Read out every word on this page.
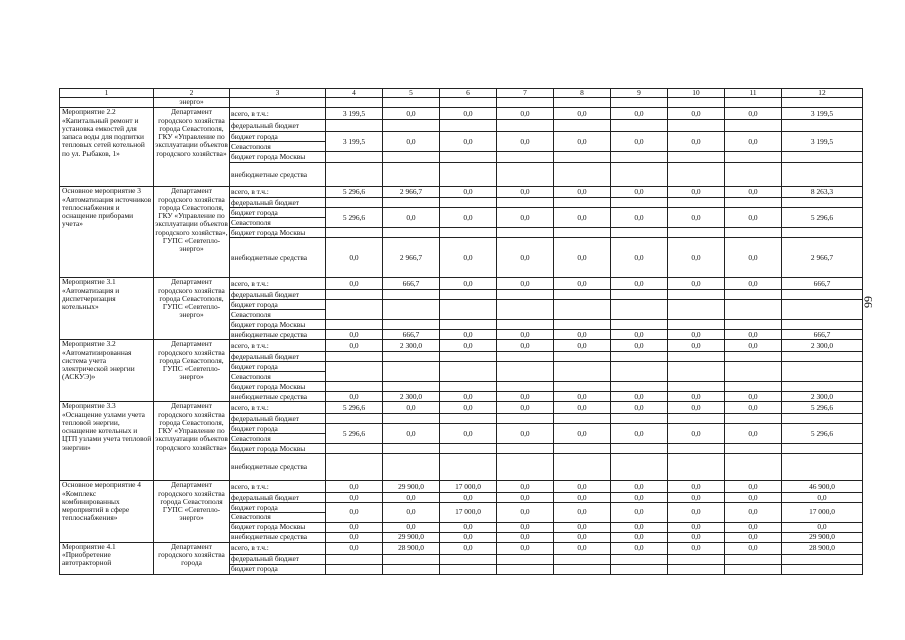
1	2	3	4	5	6	7	8	9	10	11	12
	энерго»										
Мероприятие 2.2 «Капитальный ремонт и установка емкостей для запаса воды для подпитки тепловых сетей котельной по ул. Рыбаков, 1»	Департамент городского хозяйства города Севастополя, ГКУ «Управление по эксплуатации объектов городского хозяйства»	всего, в т.ч.:	3 199,5	0,0	0,0	0,0	0,0	0,0	0,0	0,0	3 199,5
		федеральный бюджет									
		бюджет города	3 199,5	0,0	0,0	0,0	0,0	0,0	0,0	0,0	3 199,5
		Севастополя									
		бюджет города Москвы									
		внебюджетные средства									
Основное мероприятие 3 «Автоматизация источников теплоснабжения и оснащение приборами учета»	Департамент городского хозяйства города Севастополя, ГКУ «Управление по эксплуатации объектов городского хозяйства», ГУПС «Севтепло-энерго»	всего, в т.ч.:	5 296,6	2 966,7	0,0	0,0	0,0	0,0	0,0	0,0	8 263,3
		федеральный бюджет									
		бюджет города	5 296,6	0,0	0,0	0,0	0,0	0,0	0,0	0,0	5 296,6
		Севастополя									
		бюджет города Москвы									
		внебюджетные средства	0,0	2 966,7	0,0	0,0	0,0	0,0	0,0	0,0	2 966,7
Мероприятие 3.1 «Автоматизация и диспетчеризация котельных»	Департамент городского хозяйства города Севастополя, ГУПС «Севтепло-энерго»	всего, в т.ч.:	0,0	666,7	0,0	0,0	0,0	0,0	0,0	0,0	666,7
		федеральный бюджет									
		бюджет города									
		Севастополя									
		бюджет города Москвы									
		внебюджетные средства	0,0	666,7	0,0	0,0	0,0	0,0	0,0	0,0	666,7
Мероприятие 3.2 «Автоматизированная система учета электрической энергии (АСКУЭ)»	Департамент городского хозяйства города Севастополя, ГУПС «Севтепло-энерго»	всего, в т.ч.:	0,0	2 300,0	0,0	0,0	0,0	0,0	0,0	0,0	2 300,0
		федеральный бюджет									
		бюджет города									
		Севастополя									
		бюджет города Москвы									
		внебюджетные средства	0,0	2 300,0	0,0	0,0	0,0	0,0	0,0	0,0	2 300,0
Мероприятие 3.3 «Оснащение узлами учета тепловой энергии, оснащение котельных и ЦТП узлами учета тепловой энергии»	Департамент городского хозяйства города Севастополя, ГКУ «Управление по эксплуатации объектов городского хозяйства»	всего, в т.ч.:	5 296,6	0,0	0,0	0,0	0,0	0,0	0,0	0,0	5 296,6
		федеральный бюджет									
		бюджет города	5 296,6	0,0	0,0	0,0	0,0	0,0	0,0	0,0	5 296,6
		Севастополя									
		бюджет города Москвы									
		внебюджетные средства									
Основное мероприятие 4 «Комплекс комбинированных мероприятий в сфере теплоснабжения»	Департамент городского хозяйства города Севастополя ГУПС «Севтепло-энерго»	всего, в т.ч.:	0,0	29 900,0	17 000,0	0,0	0,0	0,0	0,0	0,0	46 900,0
		федеральный бюджет	0,0	0,0	0,0	0,0	0,0	0,0	0,0	0,0	0,0
		бюджет города	0,0	0,0	17 000,0	0,0	0,0	0,0	0,0	0,0	17 000,0
		Севастополя									
		бюджет города Москвы	0,0	0,0	0,0	0,0	0,0	0,0	0,0	0,0	0,0
		внебюджетные средства	0,0	29 900,0	0,0	0,0	0,0	0,0	0,0	0,0	29 900,0
Мероприятие 4.1 «Приобретение автотракторной	Департамент городского хозяйства города	всего, в т.ч.:	0,0	28 900,0	0,0	0,0	0,0	0,0	0,0	0,0	28 900,0
		федеральный бюджет									
		бюджет города									
99
